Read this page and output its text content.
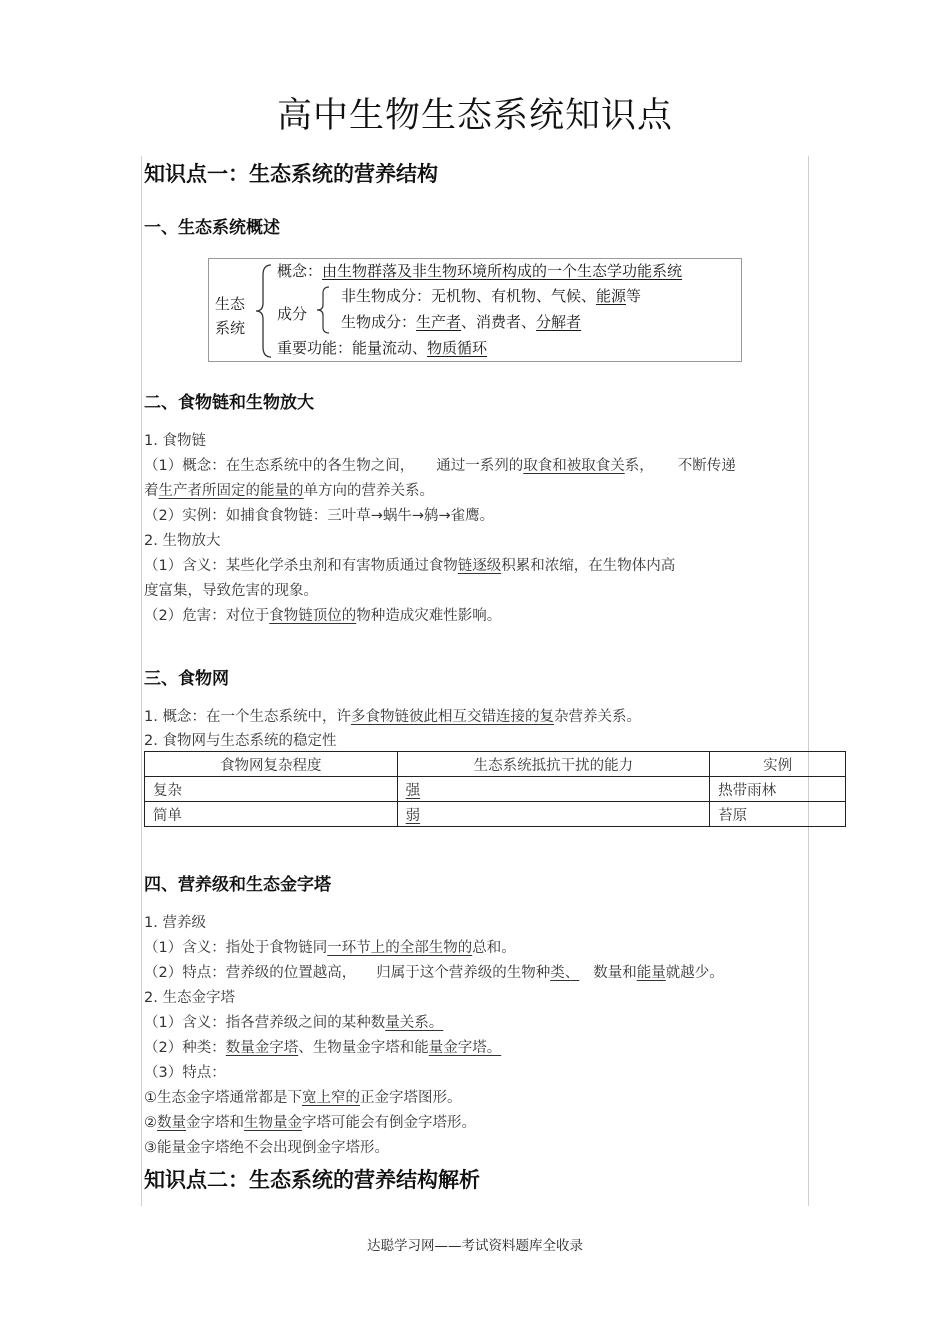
高中生物生态系统知识点
知识点一：生态系统的营养结构
一、生态系统概述
生态
系统
概念：由生物群落及非生物环境所构成的一个生态学功能系统
成分
非生物成分：无机物、有机物、气候、能源等
生物成分：生产者、消费者、分解者
重要功能：能量流动、物质循环
二、食物链和生物放大
1. 食物链
（1）概念：在生态系统中的各生物之间， 通过一系列的取食和被取食关系， 不断传递
着生产者所固定的能量的单方向的营养关系。
（2）实例：如捕食食物链：三叶草→蜗牛→鸫→雀鹰。
2. 生物放大
（1）含义：某些化学杀虫剂和有害物质通过食物链逐级积累和浓缩，在生物体内高
度富集，导致危害的现象。
（2）危害：对位于食物链顶位的物种造成灾难性影响。
三、食物网
1. 概念：在一个生态系统中，许多食物链彼此相互交错连接的复杂营养关系。
2. 食物网与生态系统的稳定性
食物网复杂程度	生态系统抵抗干扰的能力	实例
复杂	强	热带雨林
简单	弱	苔原
四、营养级和生态金字塔
1. 营养级
（1）含义：指处于食物链同一环节上的全部生物的总和。
（2）特点：营养级的位置越高， 归属于这个营养级的生物种类、 数量和能量就越少。
2. 生态金字塔
（1）含义：指各营养级之间的某种数量关系。
（2）种类：数量金字塔、生物量金字塔和能量金字塔。
（3）特点：
①生态金字塔通常都是下宽上窄的正金字塔图形。
②数量金字塔和生物量金字塔可能会有倒金字塔形。
③能量金字塔绝不会出现倒金字塔形。
知识点二：生态系统的营养结构解析
达聪学习网——考试资料题库全收录
